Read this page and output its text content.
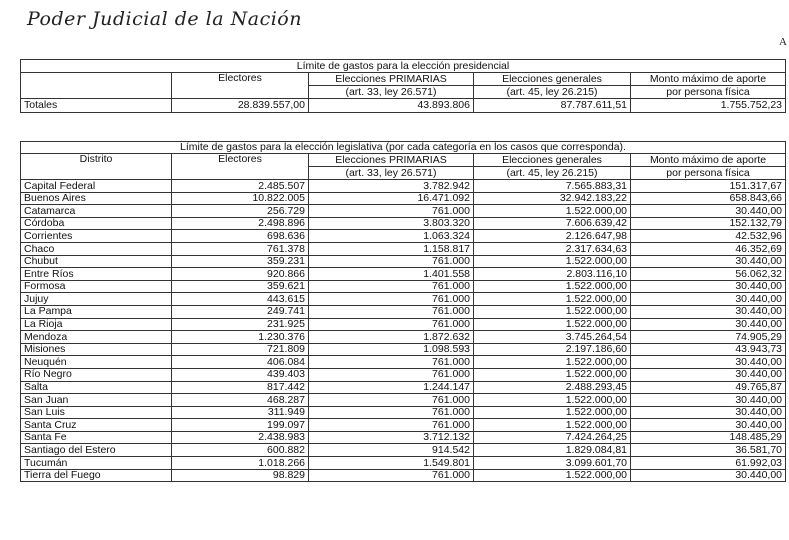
Poder Judicial de la Nación
A
Límite de gastos para la elección presidencial				
	Electores	Elecciones PRIMARIAS	Elecciones generales	Monto máximo de aporte
		(art. 33, ley 26.571)	(art. 45, ley 26.215)	por persona física
Totales	28.839.557,00	43.893.806	87.787.611,51	1.755.752,23
Límite de gastos para la elección legislativa (por cada categoría en los casos que corresponda).				
Distrito	Electores	Elecciones PRIMARIAS	Elecciones generales	Monto máximo de aporte
		(art. 33, ley 26.571)	(art. 45, ley 26.215)	por persona física
Capital Federal	2.485.507	3.782.942	7.565.883,31	151.317,67
Buenos Aires	10.822.005	16.471.092	32.942.183,22	658.843,66
Catamarca	256.729	761.000	1.522.000,00	30.440,00
Córdoba	2.498.896	3.803.320	7.606.639,42	152.132,79
Corrientes	698.636	1.063.324	2.126.647,98	42.532,96
Chaco	761.378	1.158.817	2.317.634,63	46.352,69
Chubut	359.231	761.000	1.522.000,00	30.440,00
Entre Ríos	920.866	1.401.558	2.803.116,10	56.062,32
Formosa	359.621	761.000	1.522.000,00	30.440,00
Jujuy	443.615	761.000	1.522.000,00	30.440,00
La Pampa	249.741	761.000	1.522.000,00	30.440,00
La Rioja	231.925	761.000	1.522.000,00	30.440,00
Mendoza	1.230.376	1.872.632	3.745.264,54	74.905,29
Misiones	721.809	1.098.593	2.197.186,60	43.943,73
Neuquén	406.084	761.000	1.522.000,00	30.440,00
Río Negro	439.403	761.000	1.522.000,00	30.440,00
Salta	817.442	1.244.147	2.488.293,45	49.765,87
San Juan	468.287	761.000	1.522.000,00	30.440,00
San Luis	311.949	761.000	1.522.000,00	30.440,00
Santa Cruz	199.097	761.000	1.522.000,00	30.440,00
Santa Fe	2.438.983	3.712.132	7.424.264,25	148.485,29
Santiago del Estero	600.882	914.542	1.829.084,81	36.581,70
Tucumán	1.018.266	1.549.801	3.099.601,70	61.992,03
Tierra del Fuego	98.829	761.000	1.522.000,00	30.440,00
